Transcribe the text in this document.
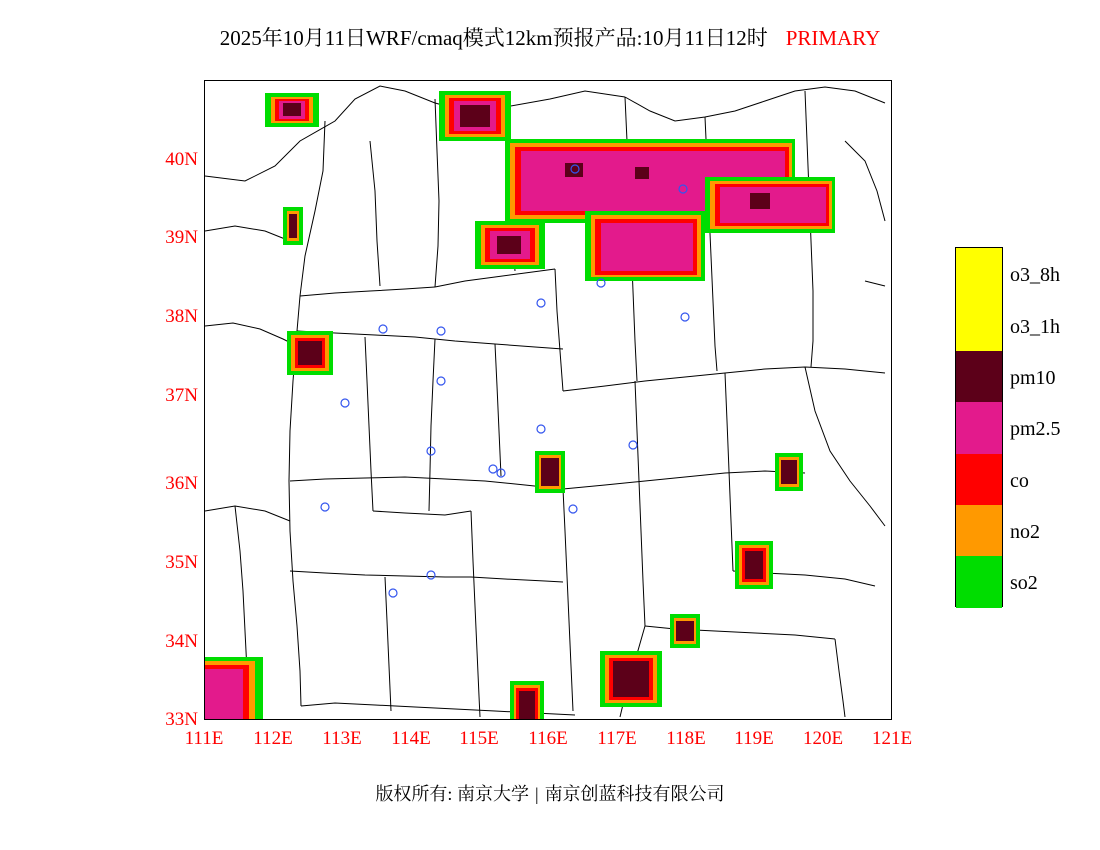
2025年10月11日WRF/cmaq模式12km预报产品:10月11日12时 PRIMARY
40N
39N
38N
37N
36N
35N
34N
33N
111E	112E	113E	114E	115E	116E	117E	118E	119E	120E	121E
o3_8h
o3_1h
pm10
pm2.5
co
no2
so2
版权所有: 南京大学 | 南京创蓝科技有限公司
